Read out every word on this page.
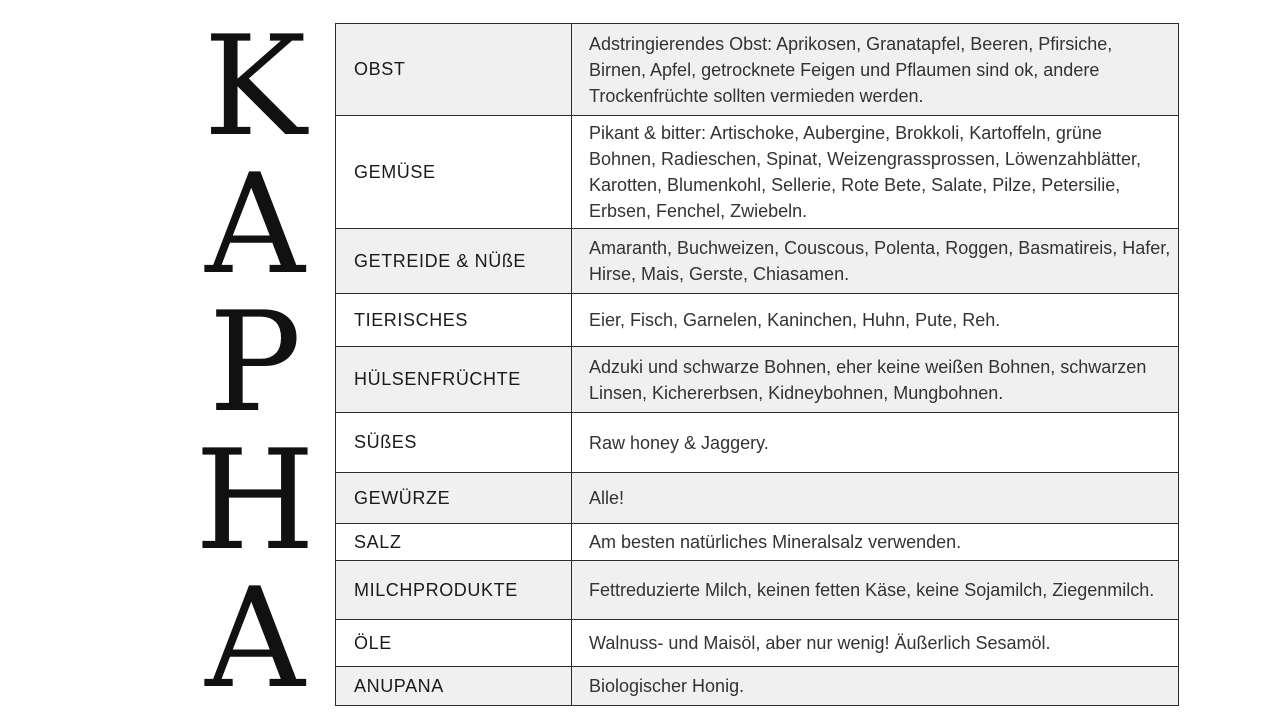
K
A
P
H
A
OBST	Adstringierendes Obst: Aprikosen, Granatapfel, Beeren, Pfirsiche, Birnen, Apfel, getrocknete Feigen und Pflaumen sind ok, andere Trockenfrüchte sollten vermieden werden.
GEMÜSE	Pikant & bitter: Artischoke, Aubergine, Brokkoli, Kartoffeln, grüne Bohnen, Radieschen, Spinat, Weizengrassprossen, Löwenzahblätter, Karotten, Blumenkohl, Sellerie, Rote Bete, Salate, Pilze, Petersilie, Erbsen, Fenchel, Zwiebeln.
GETREIDE & NÜßE	Amaranth, Buchweizen, Couscous, Polenta, Roggen, Basmatireis, Hafer, Hirse, Mais, Gerste, Chiasamen.
TIERISCHES	Eier, Fisch, Garnelen, Kaninchen, Huhn, Pute, Reh.
HÜLSENFRÜCHTE	Adzuki und schwarze Bohnen, eher keine weißen Bohnen, schwarzen Linsen, Kichererbsen, Kidneybohnen, Mungbohnen.
SÜßES	Raw honey & Jaggery.
GEWÜRZE	Alle!
SALZ	Am besten natürliches Mineralsalz verwenden.
MILCHPRODUKTE	Fettreduzierte Milch, keinen fetten Käse, keine Sojamilch, Ziegenmilch.
ÖLE	Walnuss- und Maisöl, aber nur wenig! Äußerlich Sesamöl.
ANUPANA	Biologischer Honig.
